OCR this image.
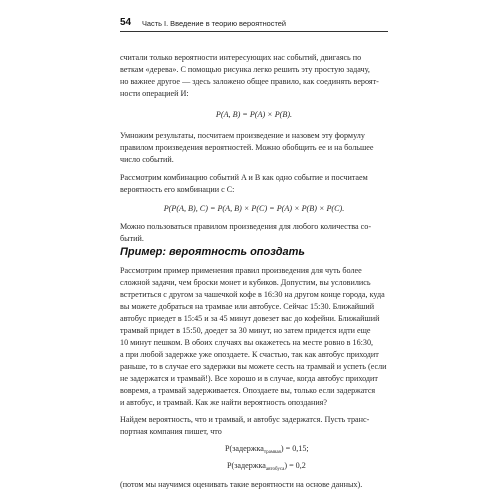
54 Часть I. Введение в теорию вероятностей
считали только вероятности интересующих нас событий, двигаясь по
веткам «дерева». С помощью рисунка легко решить эту простую задачу,
но важнее другое — здесь заложено общее правило, как соединять вероят-
ности операцией И:
P(A, B) = P(A) × P(B).
Умножим результаты, посчитаем произведение и назовем эту формулу
правилом произведения вероятностей. Можно обобщить ее и на большее
число событий.
Рассмотрим комбинацию событий A и B как одно событие и посчитаем
вероятность его комбинации с C:
P(P(A, B), C) = P(A, B) × P(C) = P(A) × P(B) × P(C).
Можно пользоваться правилом произведения для любого количества со-
Пример: вероятность опоздать
бытий.
Рассмотрим пример применения правил произведения для чуть более
сложной задачи, чем броски монет и кубиков. Допустим, вы условились
встретиться с другом за чашечкой кофе в 16:30 на другом конце города, куда
вы можете добраться на трамвае или автобусе. Сейчас 15:30. Ближайший
автобус приедет в 15:45 и за 45 минут довезет вас до кофейни. Ближайший
трамвай придет в 15:50, доедет за 30 минут, но затем придется идти еще
10 минут пешком. В обоих случаях вы окажетесь на месте ровно в 16:30,
а при любой задержке уже опоздаете. К счастью, так как автобус приходит
раньше, то в случае его задержки вы можете сесть на трамвай и успеть (если
не задержатся и трамвай!). Все хорошо и в случае, когда автобус приходит
вовремя, а трамвай задерживается. Опоздаете вы, только если задержатся
и автобус, и трамвай. Как же найти вероятность опоздания?
Найдем вероятность, что и трамвай, и автобус задержатся. Пусть транс-
портная компания пишет, что
P(задержка$_{трамвая}$) = 0,15;
P(задержка$_{автобуса}$) = 0,2
(потом мы научимся оценивать такие вероятности на основе данных).
